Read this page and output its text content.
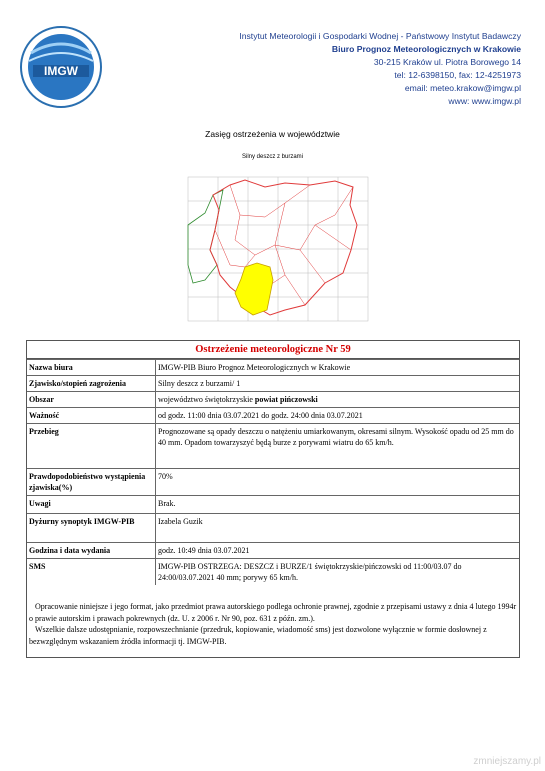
IMGW
Instytut Meteorologii i Gospodarki Wodnej - Państwowy Instytut Badawczy
Biuro Prognoz Meteorologicznych w Krakowie
30-215 Kraków ul. Piotra Borowego 14
tel: 12-6398150, fax: 12-4251973
email: meteo.krakow@imgw.pl
www: www.imgw.pl
Zasięg ostrzeżenia w województwie
Silny deszcz z burzami
Ostrzeżenie meteorologiczne Nr 59
Nazwa biura	IMGW-PIB Biuro Prognoz Meteorologicznych w Krakowie
Zjawisko/stopień zagrożenia	Silny deszcz z burzami/ 1
Obszar	województwo świętokrzyskie powiat pińczowski
Ważność	od godz. 11:00 dnia 03.07.2021 do godz. 24:00 dnia 03.07.2021
Przebieg	Prognozowane są opady deszczu o natężeniu umiarkowanym, okresami silnym. Wysokość opadu od 25 mm do 40 mm. Opadom towarzyszyć będą burze z porywami wiatru do 65 km/h.
Prawdopodobieństwo wystąpienia zjawiska(%)	70%
Uwagi	Brak.
Dyżurny synoptyk IMGW-PIB	Izabela Guzik
Godzina i data wydania	godz. 10:49 dnia 03.07.2021
SMS	IMGW-PIB OSTRZEGA: DESZCZ i BURZE/1 świętokrzyskie/pińczowski od 11:00/03.07 do 24:00/03.07.2021 40 mm; porywy 65 km/h.
Opracowanie niniejsze i jego format, jako przedmiot prawa autorskiego podlega ochronie prawnej, zgodnie z przepisami ustawy z dnia 4 lutego 1994r o prawie autorskim i prawach pokrewnych (dz. U. z 2006 r. Nr 90, poz. 631 z późn. zm.).
Wszelkie dalsze udostępnianie, rozpowszechnianie (przedruk, kopiowanie, wiadomość sms) jest dozwolone wyłącznie w formie dosłownej z bezwzględnym wskazaniem źródła informacji tj. IMGW-PIB.
zmniejszamy.pl
